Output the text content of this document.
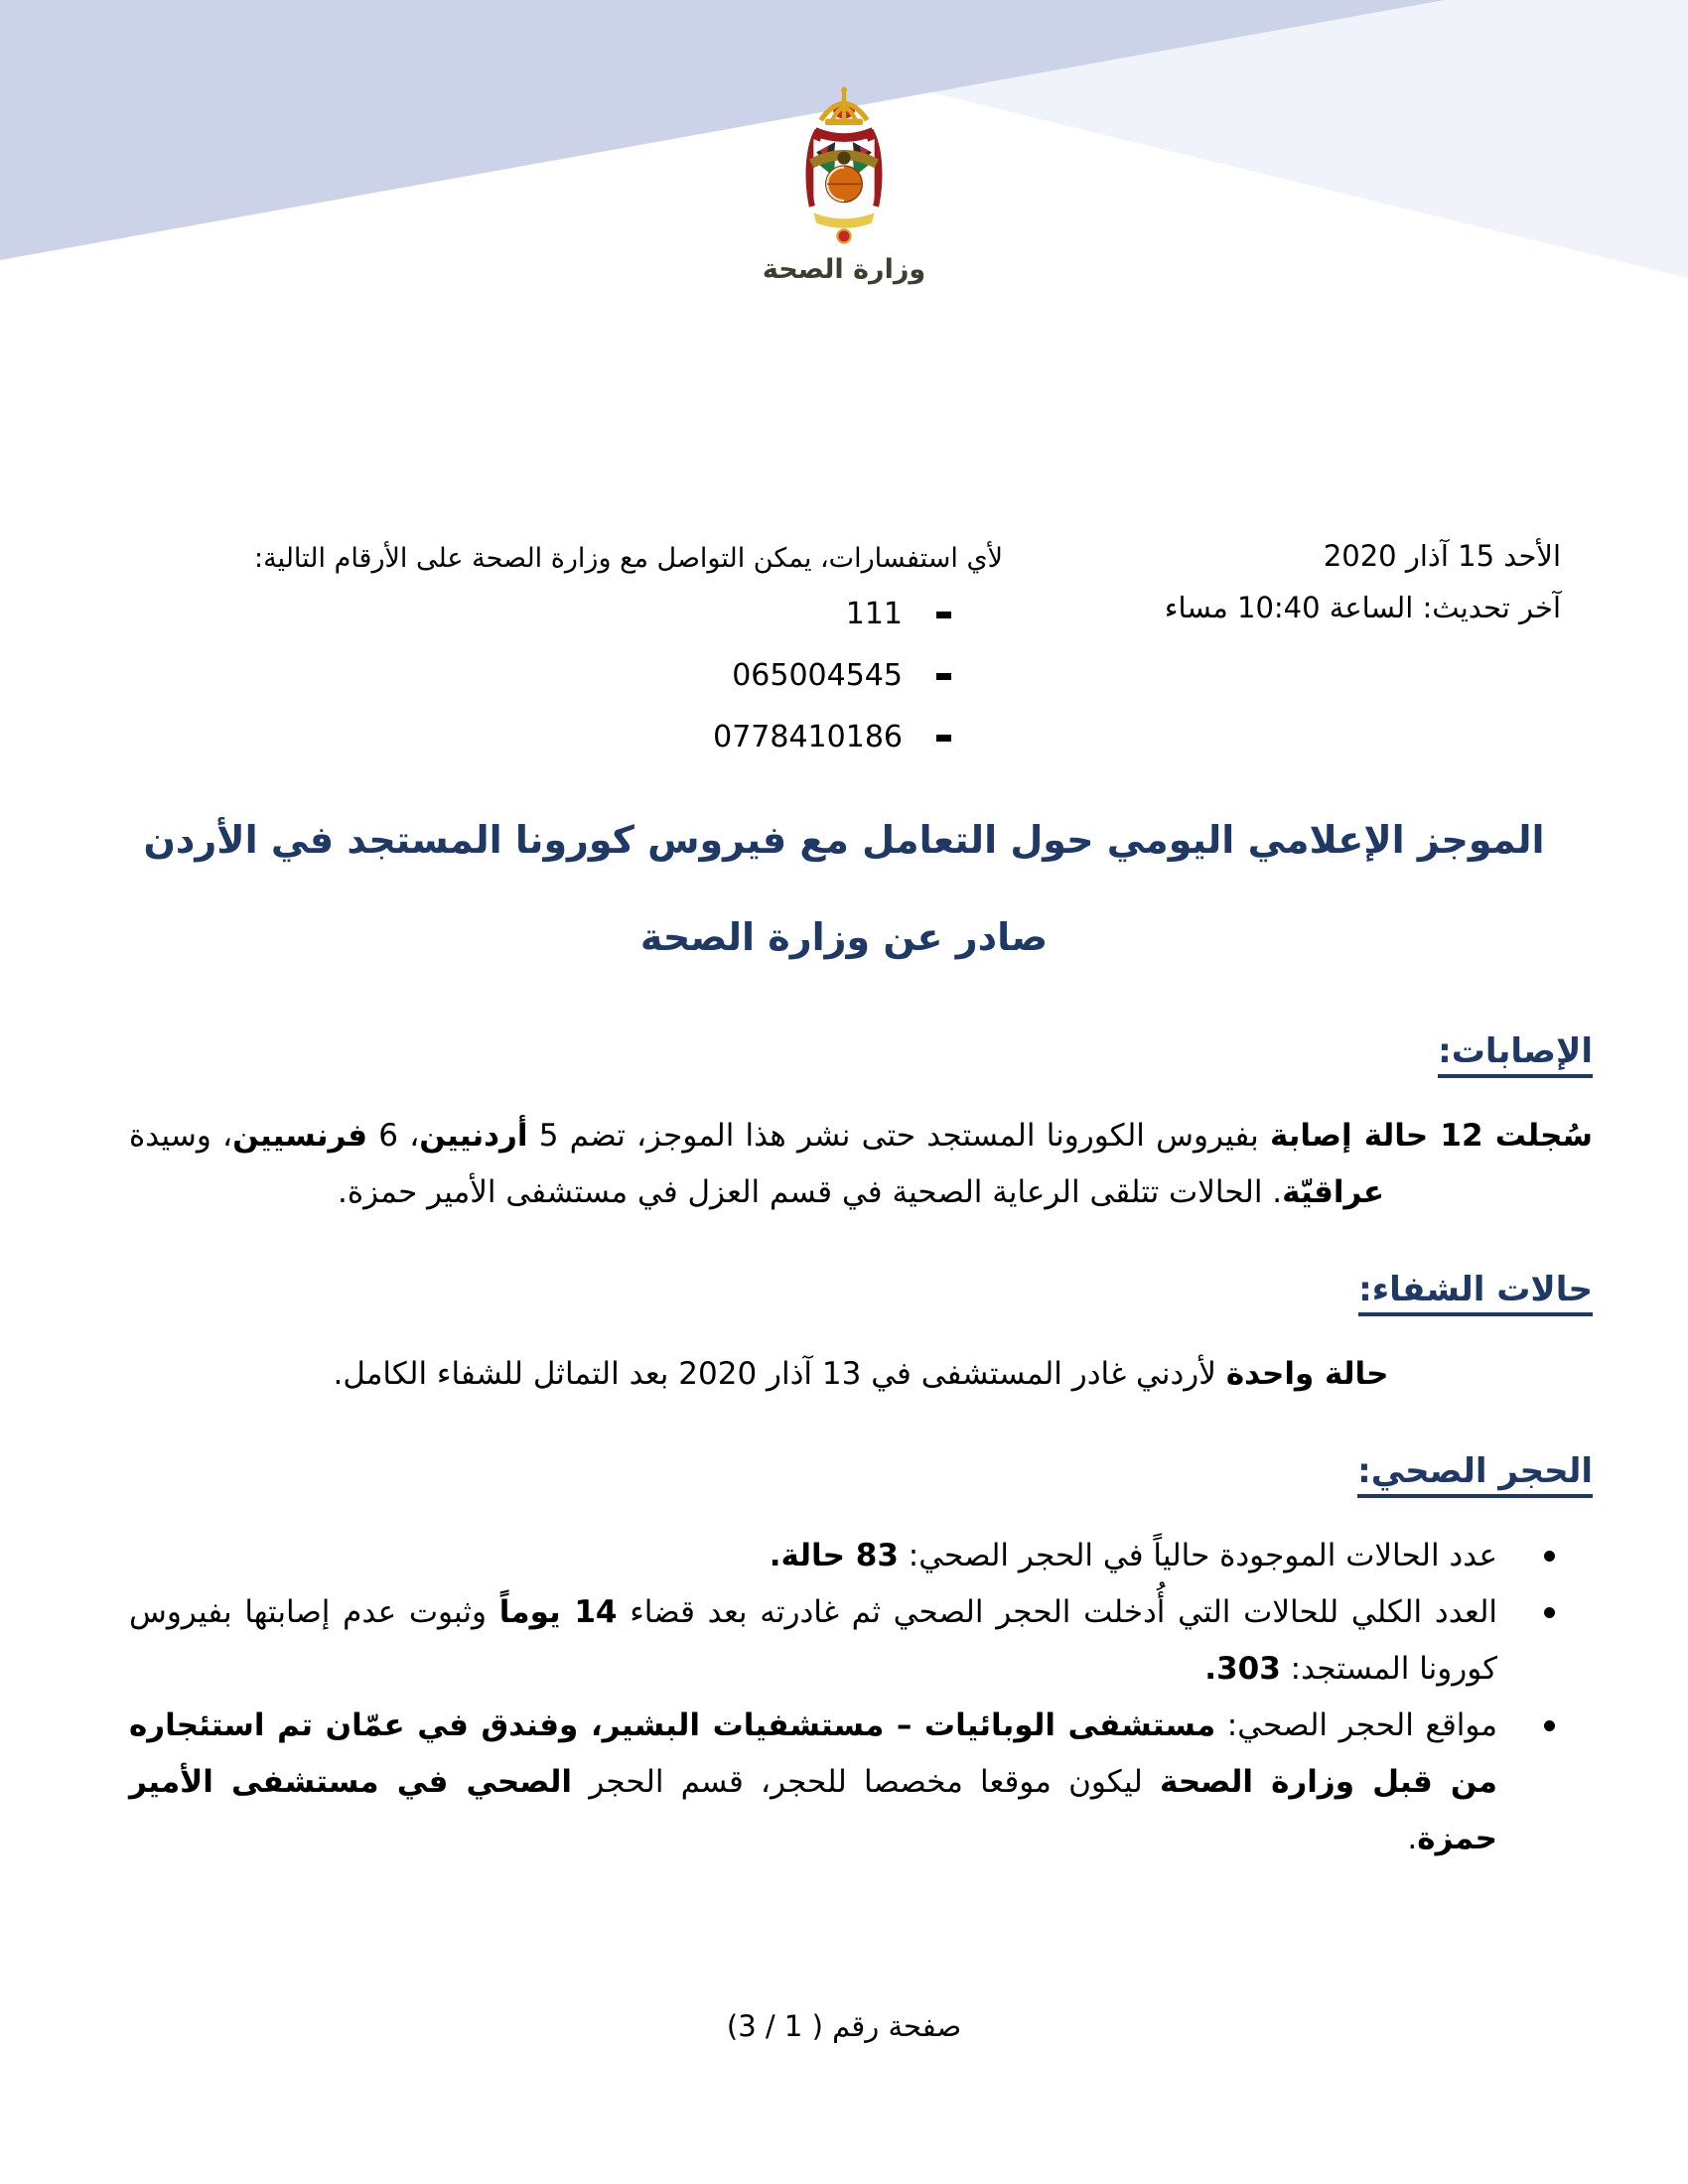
وزارة الصحة
الأحد 15 آذار 2020
آخر تحديث: الساعة 10:40 مساء
لأي استفسارات، يمكن التواصل مع وزارة الصحة على الأرقام التالية:
111
065004545
0778410186
الموجز الإعلامي اليومي حول التعامل مع فيروس كورونا المستجد في الأردن
صادر عن وزارة الصحة
الإصابات:

سُجلت 12 حالة إصابة بفيروس الكورونا المستجد حتى نشر هذا الموجز، تضم 5 أردنيين، 6 فرنسيين، وسيدة عراقيّة. الحالات تتلقى الرعاية الصحية في قسم العزل في مستشفى الأمير حمزة.

حالات الشفاء:

حالة واحدة لأردني غادر المستشفى في 13 آذار 2020 بعد التماثل للشفاء الكامل.

الحجر الصحي:
عدد الحالات الموجودة حالياً في الحجر الصحي: 83 حالة.
العدد الكلي للحالات التي أُدخلت الحجر الصحي ثم غادرته بعد قضاء 14 يوماً وثبوت عدم إصابتها بفيروس كورونا المستجد: 303.
مواقع الحجر الصحي: مستشفى الوبائيات – مستشفيات البشير، وفندق في عمّان تم استئجاره من قبل وزارة الصحة ليكون موقعا مخصصا للحجر، قسم الحجر الصحي في مستشفى الأمير حمزة.
صفحة رقم ( 1 / 3)
